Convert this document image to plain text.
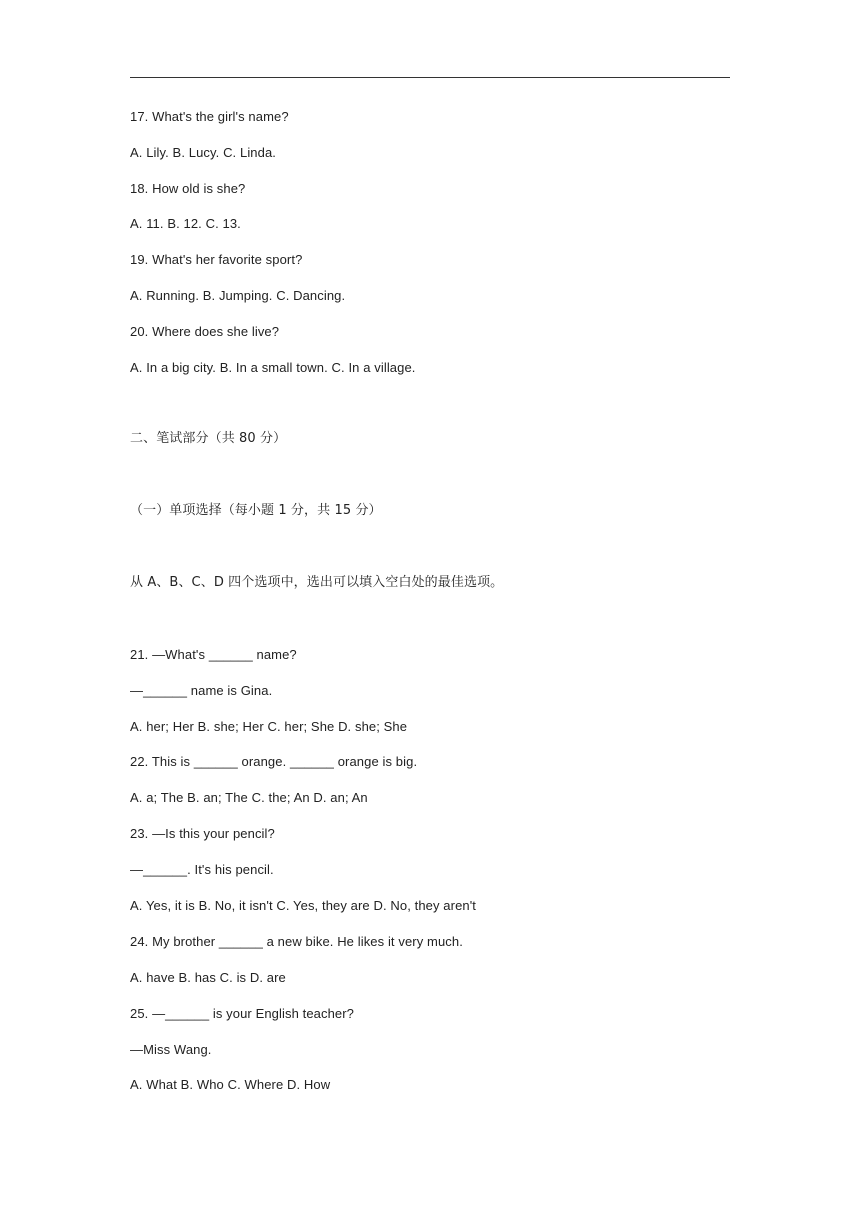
17. What's the girl's name?
A. Lily. B. Lucy. C. Linda.
18. How old is she?
A. 11. B. 12. C. 13.
19. What's her favorite sport?
A. Running. B. Jumping. C. Dancing.
20. Where does she live?
A. In a big city. B. In a small town. C. In a village.
二、笔试部分（共 80 分）
（一）单项选择（每小题 1 分，共 15 分）
从 A、B、C、D 四个选项中，选出可以填入空白处的最佳选项。
21. —What's ______ name?
—______ name is Gina.
A. her; Her B. she; Her C. her; She D. she; She
22. This is ______ orange. ______ orange is big.
A. a; The B. an; The C. the; An D. an; An
23. —Is this your pencil?
—______. It's his pencil.
A. Yes, it is B. No, it isn't C. Yes, they are D. No, they aren't
24. My brother ______ a new bike. He likes it very much.
A. have B. has C. is D. are
25. —______ is your English teacher?
—Miss Wang.
A. What B. Who C. Where D. How
